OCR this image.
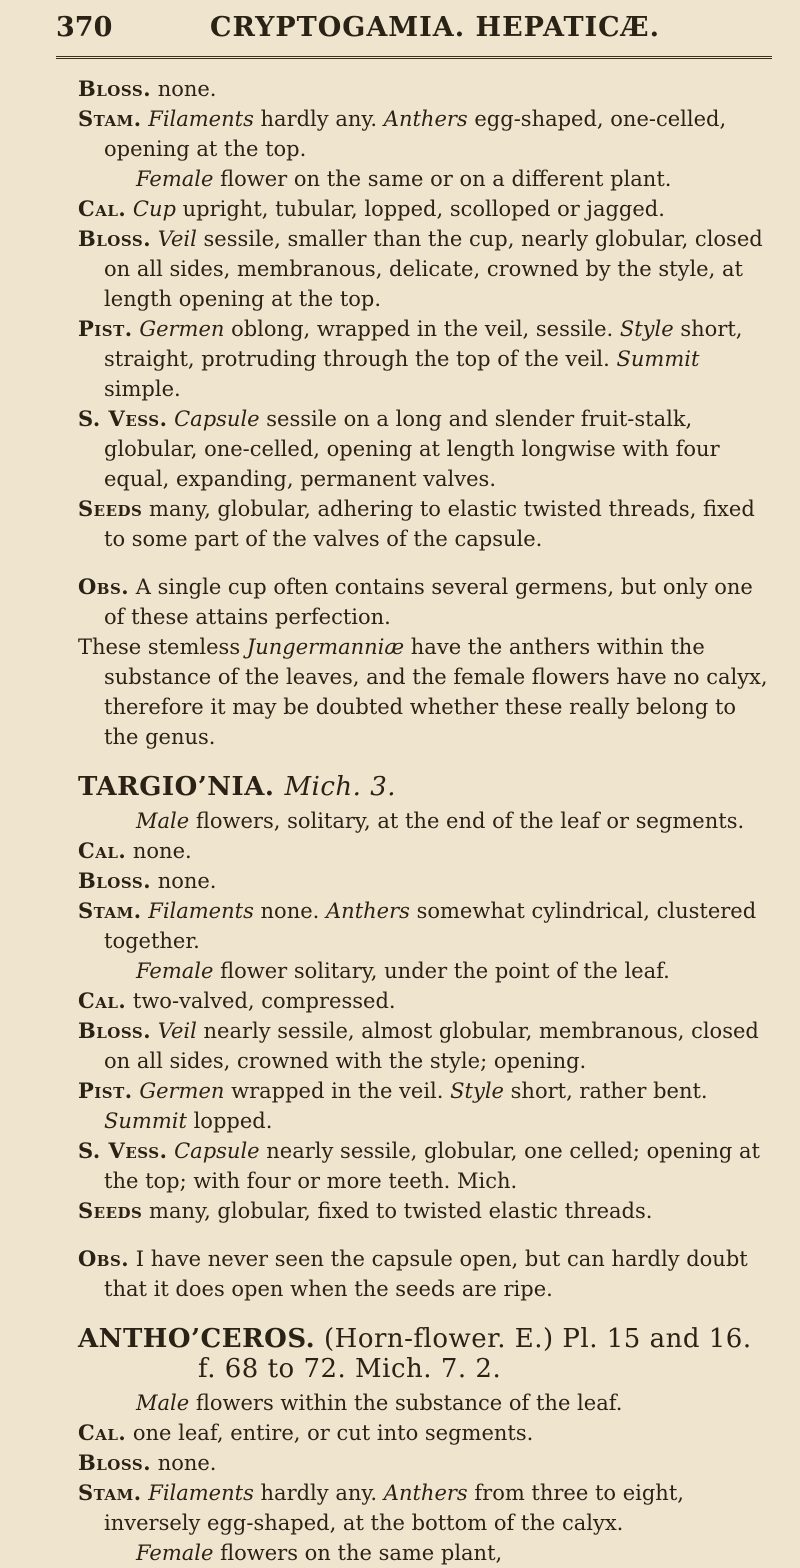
370	CRYPTOGAMIA. HEPATICÆ.

Bloss. none.

Stam. Filaments hardly any. Anthers egg-shaped, one-celled, opening at the top.

Female flower on the same or on a different plant.

Cal. Cup upright, tubular, lopped, scolloped or jagged.

Bloss. Veil sessile, smaller than the cup, nearly globular, closed on all sides, membranous, delicate, crowned by the style, at length opening at the top.

Pist. Germen oblong, wrapped in the veil, sessile. Style short, straight, protruding through the top of the veil. Summit simple.

S. Vess. Capsule sessile on a long and slender fruit-stalk, globular, one-celled, opening at length longwise with four equal, expanding, permanent valves.

Seeds many, globular, adhering to elastic twisted threads, fixed to some part of the valves of the capsule.

Obs. A single cup often contains several germens, but only one of these attains perfection.

These stemless Jungermanniæ have the anthers within the substance of the leaves, and the female flowers have no calyx, therefore it may be doubted whether these really belong to the genus.

TARGIO’NIA. Mich. 3.

Male flowers, solitary, at the end of the leaf or segments.

Cal. none.

Bloss. none.

Stam. Filaments none. Anthers somewhat cylindrical, clustered together.

Female flower solitary, under the point of the leaf.

Cal. two-valved, compressed.

Bloss. Veil nearly sessile, almost globular, membranous, closed on all sides, crowned with the style; opening.

Pist. Germen wrapped in the veil. Style short, rather bent. Summit lopped.

S. Vess. Capsule nearly sessile, globular, one celled; opening at the top; with four or more teeth. Mich.

Seeds many, globular, fixed to twisted elastic threads.

Obs. I have never seen the capsule open, but can hardly doubt that it does open when the seeds are ripe.

ANTHO’CEROS. (Horn-flower. E.) Pl. 15 and 16.
f. 68 to 72. Mich. 7. 2.

Male flowers within the substance of the leaf.

Cal. one leaf, entire, or cut into segments.

Bloss. none.

Stam. Filaments hardly any. Anthers from three to eight, inversely egg-shaped, at the bottom of the calyx.

Female flowers on the same plant,
